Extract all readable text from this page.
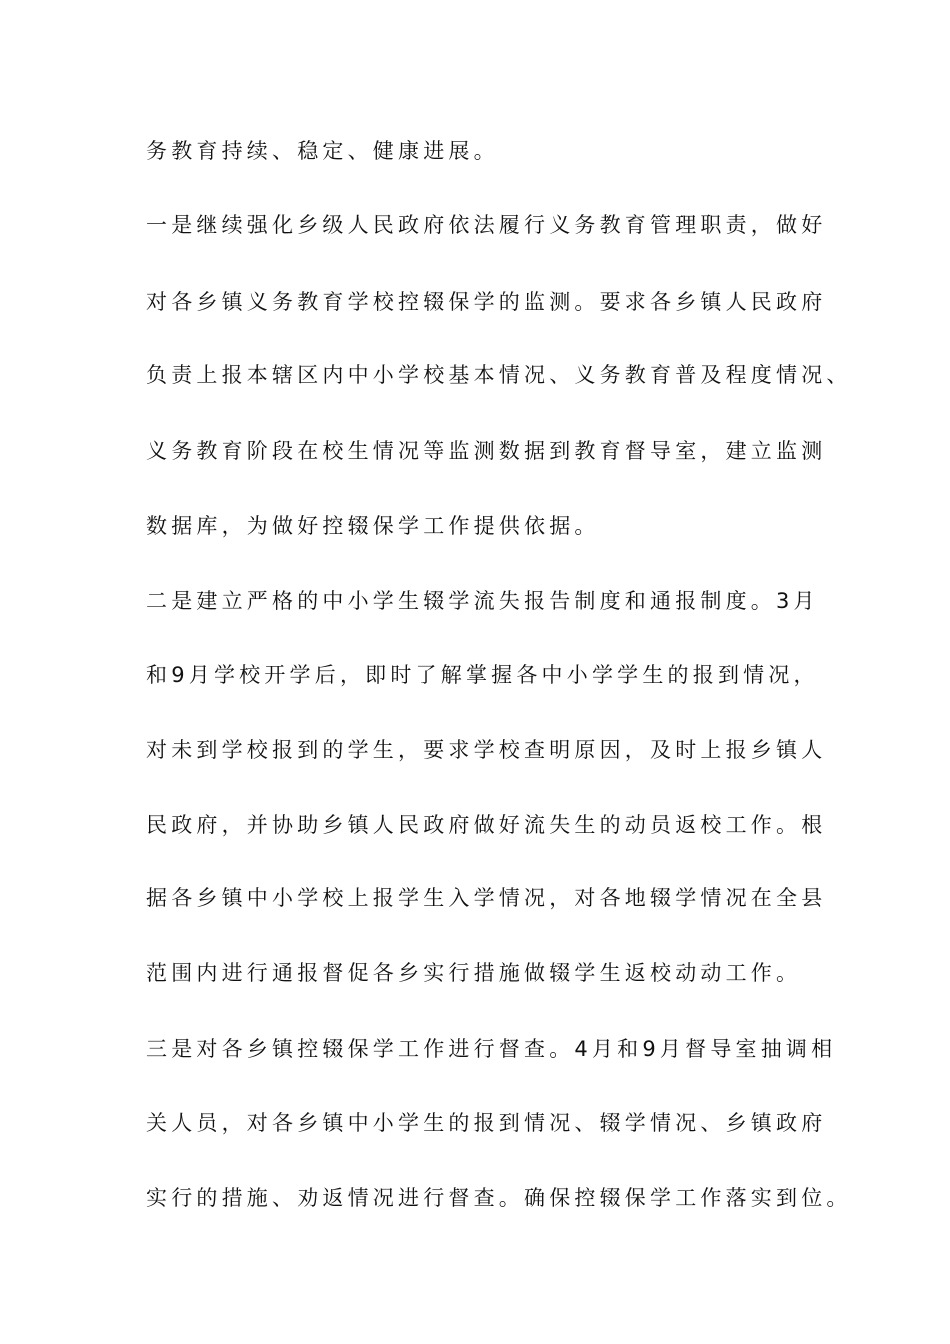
务教育持续、稳定、健康进展。

一是继续强化乡级人民政府依法履行义务教育管理职责，做好

对各乡镇义务教育学校控辍保学的监测。要求各乡镇人民政府

负责上报本辖区内中小学校基本情况、义务教育普及程度情况、

义务教育阶段在校生情况等监测数据到教育督导室，建立监测

数据库，为做好控辍保学工作提供依据。

二是建立严格的中小学生辍学流失报告制度和通报制度。3月

和9月学校开学后，即时了解掌握各中小学学生的报到情况，

对未到学校报到的学生，要求学校查明原因，及时上报乡镇人

民政府，并协助乡镇人民政府做好流失生的动员返校工作。根

据各乡镇中小学校上报学生入学情况，对各地辍学情况在全县

范围内进行通报督促各乡实行措施做辍学生返校动动工作。

三是对各乡镇控辍保学工作进行督查。4月和9月督导室抽调相

关人员，对各乡镇中小学生的报到情况、辍学情况、乡镇政府

实行的措施、劝返情况进行督查。确保控辍保学工作落实到位。
